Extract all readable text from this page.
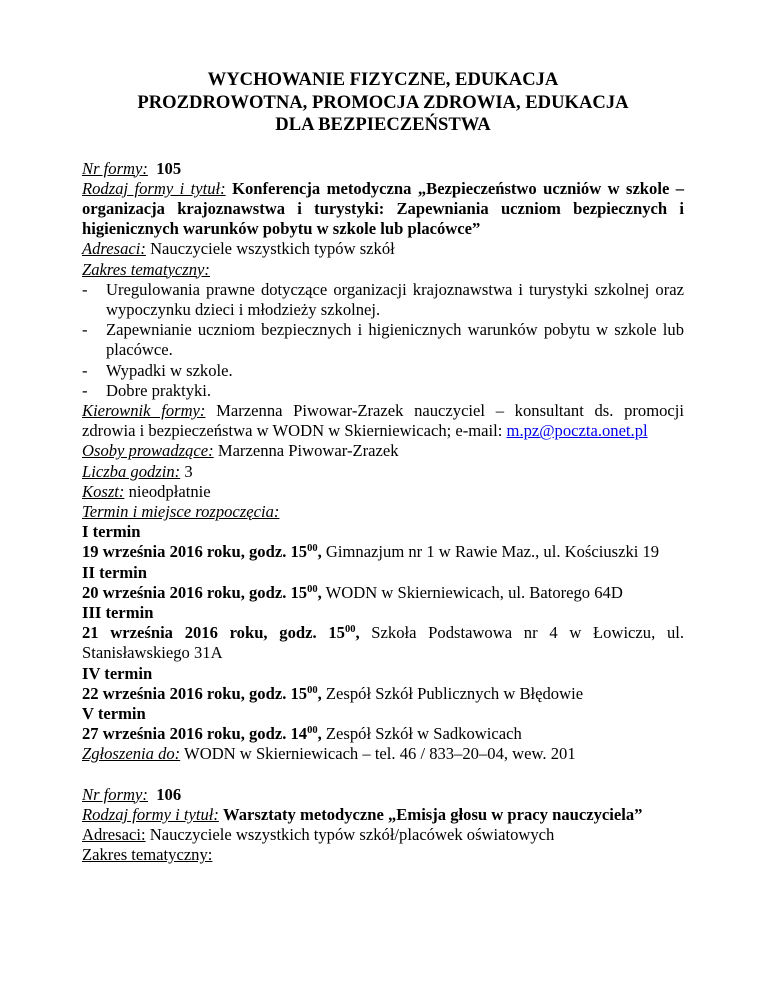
WYCHOWANIE FIZYCZNE, EDUKACJA
PROZDROWOTNA, PROMOCJA ZDROWIA, EDUKACJA
DLA BEZPIECZEŃSTWA

Nr formy: 105

Rodzaj formy i tytuł: Konferencja metodyczna „Bezpieczeństwo uczniów w szkole – organizacja krajoznawstwa i turystyki: Zapewniania uczniom bezpiecznych i higienicznych warunków pobytu w szkole lub placówce”

Adresaci: Nauczyciele wszystkich typów szkół

Zakres tematyczny:

- Uregulowania prawne dotyczące organizacji krajoznawstwa i turystyki szkolnej oraz wypoczynku dzieci i młodzieży szkolnej.
- Zapewnianie uczniom bezpiecznych i higienicznych warunków pobytu w szkole lub placówce.
- Wypadki w szkole.
- Dobre praktyki.

Kierownik formy: Marzenna Piwowar-Zrazek nauczyciel – konsultant ds. promocji zdrowia i bezpieczeństwa w WODN w Skierniewicach; e-mail: m.pz@poczta.onet.pl

Osoby prowadzące: Marzenna Piwowar-Zrazek

Liczba godzin: 3

Koszt: nieodpłatnie

Termin i miejsce rozpoczęcia:

I termin

19 września 2016 roku, godz. $15^{00}$, Gimnazjum nr 1 w Rawie Maz., ul. Kościuszki 19

II termin

20 września 2016 roku, godz. $15^{00}$, WODN w Skierniewicach, ul. Batorego 64D

III termin

21 września 2016 roku, godz. $15^{00}$, Szkoła Podstawowa nr 4 w Łowiczu, ul. Stanisławskiego 31A

IV termin

22 września 2016 roku, godz. $15^{00}$, Zespół Szkół Publicznych w Błędowie

V termin

27 września 2016 roku, godz. $14^{00}$, Zespół Szkół w Sadkowicach

Zgłoszenia do: WODN w Skierniewicach – tel. 46 / 833–20–04, wew. 201

Nr formy: 106

Rodzaj formy i tytuł: Warsztaty metodyczne „Emisja głosu w pracy nauczyciela”

Adresaci: Nauczyciele wszystkich typów szkół/placówek oświatowych

Zakres tematyczny:
